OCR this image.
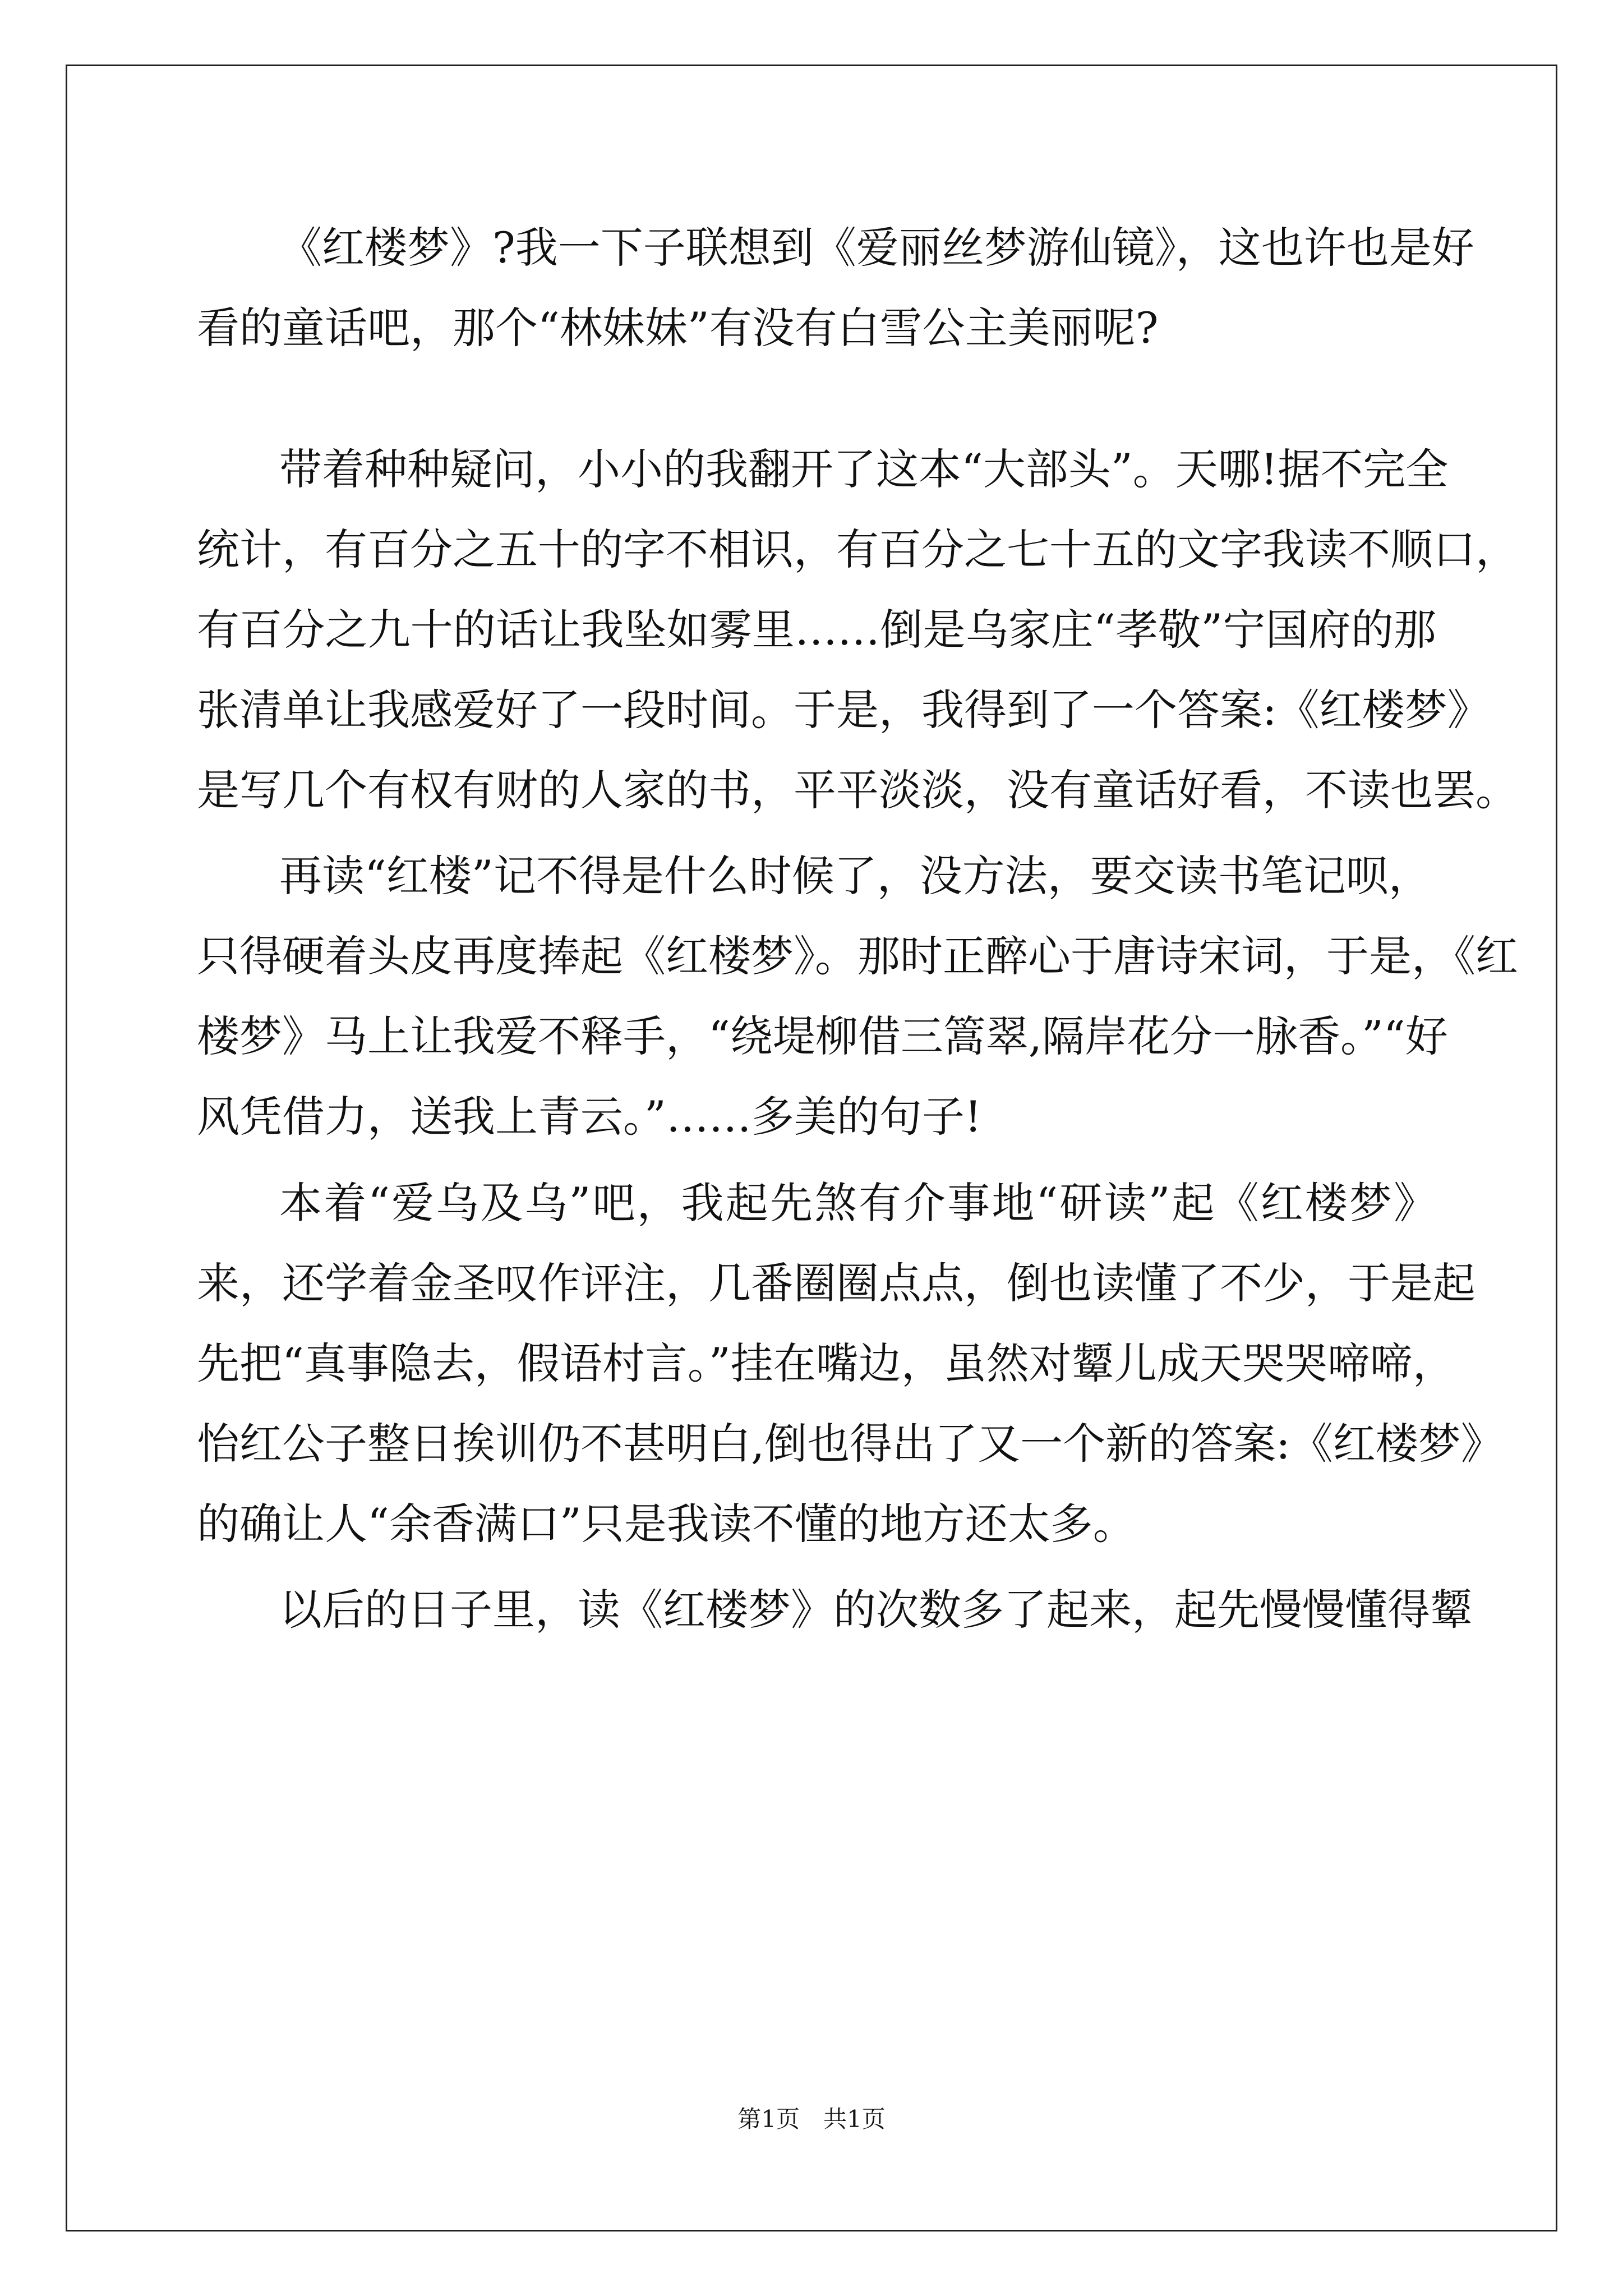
《红楼梦》?我一下子联想到《爱丽丝梦游仙镜》，这也许也是好
看的童话吧，那个“林妹妹”有没有白雪公主美丽呢?
带着种种疑问，小小的我翻开了这本“大部头”。天哪!据不完全
统计，有百分之五十的字不相识，有百分之七十五的文字我读不顺口，
有百分之九十的话让我坠如雾里……倒是乌家庄“孝敬”宁国府的那
张清单让我感爱好了一段时间。于是，我得到了一个答案:《红楼梦》
是写几个有权有财的人家的书，平平淡淡，没有童话好看，不读也罢。
再读“红楼”记不得是什么时候了，没方法，要交读书笔记呗，
只得硬着头皮再度捧起《红楼梦》。那时正醉心于唐诗宋词，于是，《红
楼梦》马上让我爱不释手，“绕堤柳借三篙翠,隔岸花分一脉香。”“好
风凭借力，送我上青云。”……多美的句子!
本着“爱乌及乌”吧，我起先煞有介事地“研读”起《红楼梦》
来，还学着金圣叹作评注，几番圈圈点点，倒也读懂了不少，于是起
先把“真事隐去，假语村言。”挂在嘴边，虽然对颦儿成天哭哭啼啼，
怡红公子整日挨训仍不甚明白,倒也得出了又一个新的答案:《红楼梦》
的确让人“余香满口”只是我读不懂的地方还太多。
以后的日子里，读《红楼梦》的次数多了起来，起先慢慢懂得颦
第1页　共1页
